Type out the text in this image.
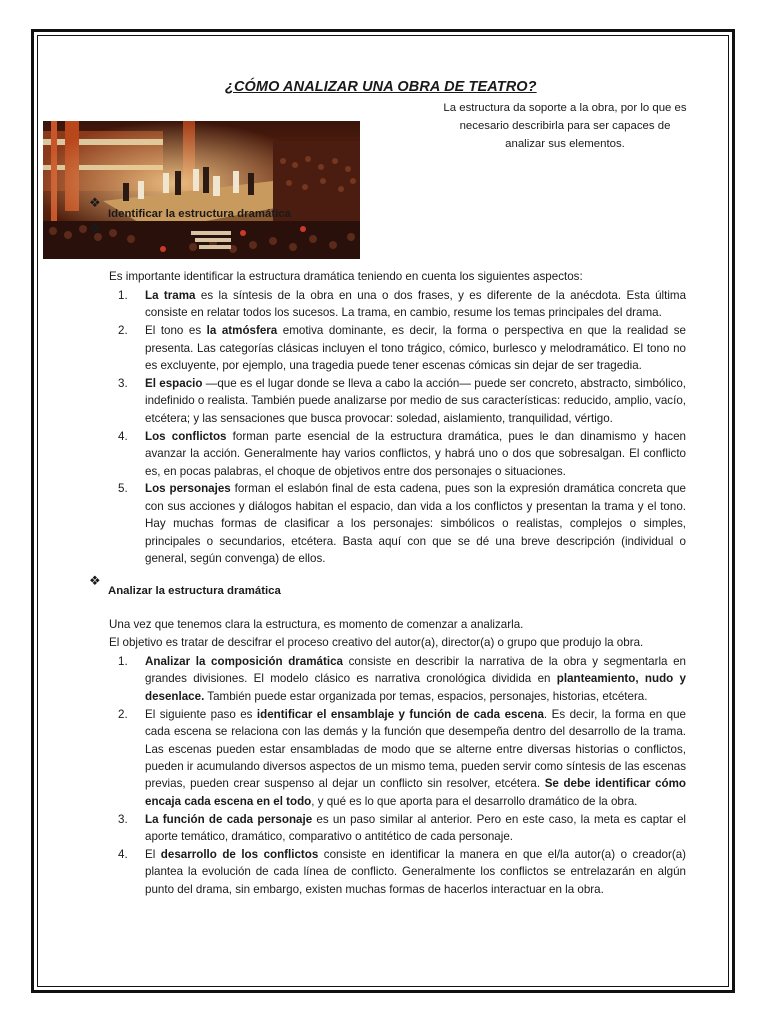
¿CÓMO ANALIZAR UNA OBRA DE TEATRO?
La estructura da soporte a la obra, por lo que es necesario describirla para ser capaces de analizar sus elementos.
❖
❖
Identificar la estructura dramática
Es importante identificar la estructura dramática teniendo en cuenta los siguientes aspectos:
1. La trama es la síntesis de la obra en una o dos frases, y es diferente de la anécdota. Esta última consiste en relatar todos los sucesos. La trama, en cambio, resume los temas principales del drama.
2. El tono es la atmósfera emotiva dominante, es decir, la forma o perspectiva en que la realidad se presenta. Las categorías clásicas incluyen el tono trágico, cómico, burlesco y melodramático. El tono no es excluyente, por ejemplo, una tragedia puede tener escenas cómicas sin dejar de ser tragedia.
3. El espacio —que es el lugar donde se lleva a cabo la acción— puede ser concreto, abstracto, simbólico, indefinido o realista. También puede analizarse por medio de sus características: reducido, amplio, vacío, etcétera; y las sensaciones que busca provocar: soledad, aislamiento, tranquilidad, vértigo.
4. Los conflictos forman parte esencial de la estructura dramática, pues le dan dinamismo y hacen avanzar la acción. Generalmente hay varios conflictos, y habrá uno o dos que sobresalgan. El conflicto es, en pocas palabras, el choque de objetivos entre dos personajes o situaciones.
5. Los personajes forman el eslabón final de esta cadena, pues son la expresión dramática concreta que con sus acciones y diálogos habitan el espacio, dan vida a los conflictos y presentan la trama y el tono. Hay muchas formas de clasificar a los personajes: simbólicos o realistas, complejos o simples, principales o secundarios, etcétera. Basta aquí con que se dé una breve descripción (individual o general, según convenga) de ellos.
❖
Analizar la estructura dramática
Una vez que tenemos clara la estructura, es momento de comenzar a analizarla.
El objetivo es tratar de descifrar el proceso creativo del autor(a), director(a) o grupo que produjo la obra.
1. Analizar la composición dramática consiste en describir la narrativa de la obra y segmentarla en grandes divisiones. El modelo clásico es narrativa cronológica dividida en planteamiento, nudo y desenlace. También puede estar organizada por temas, espacios, personajes, historias, etcétera.
2. El siguiente paso es identificar el ensamblaje y función de cada escena. Es decir, la forma en que cada escena se relaciona con las demás y la función que desempeña dentro del desarrollo de la trama. Las escenas pueden estar ensambladas de modo que se alterne entre diversas historias o conflictos, pueden ir acumulando diversos aspectos de un mismo tema, pueden servir como síntesis de las escenas previas, pueden crear suspenso al dejar un conflicto sin resolver, etcétera. Se debe identificar cómo encaja cada escena en el todo, y qué es lo que aporta para el desarrollo dramático de la obra.
3. La función de cada personaje es un paso similar al anterior. Pero en este caso, la meta es captar el aporte temático, dramático, comparativo o antitético de cada personaje.
4. El desarrollo de los conflictos consiste en identificar la manera en que el/la autor(a) o creador(a) plantea la evolución de cada línea de conflicto. Generalmente los conflictos se entrelazarán en algún punto del drama, sin embargo, existen muchas formas de hacerlos interactuar en la obra.
